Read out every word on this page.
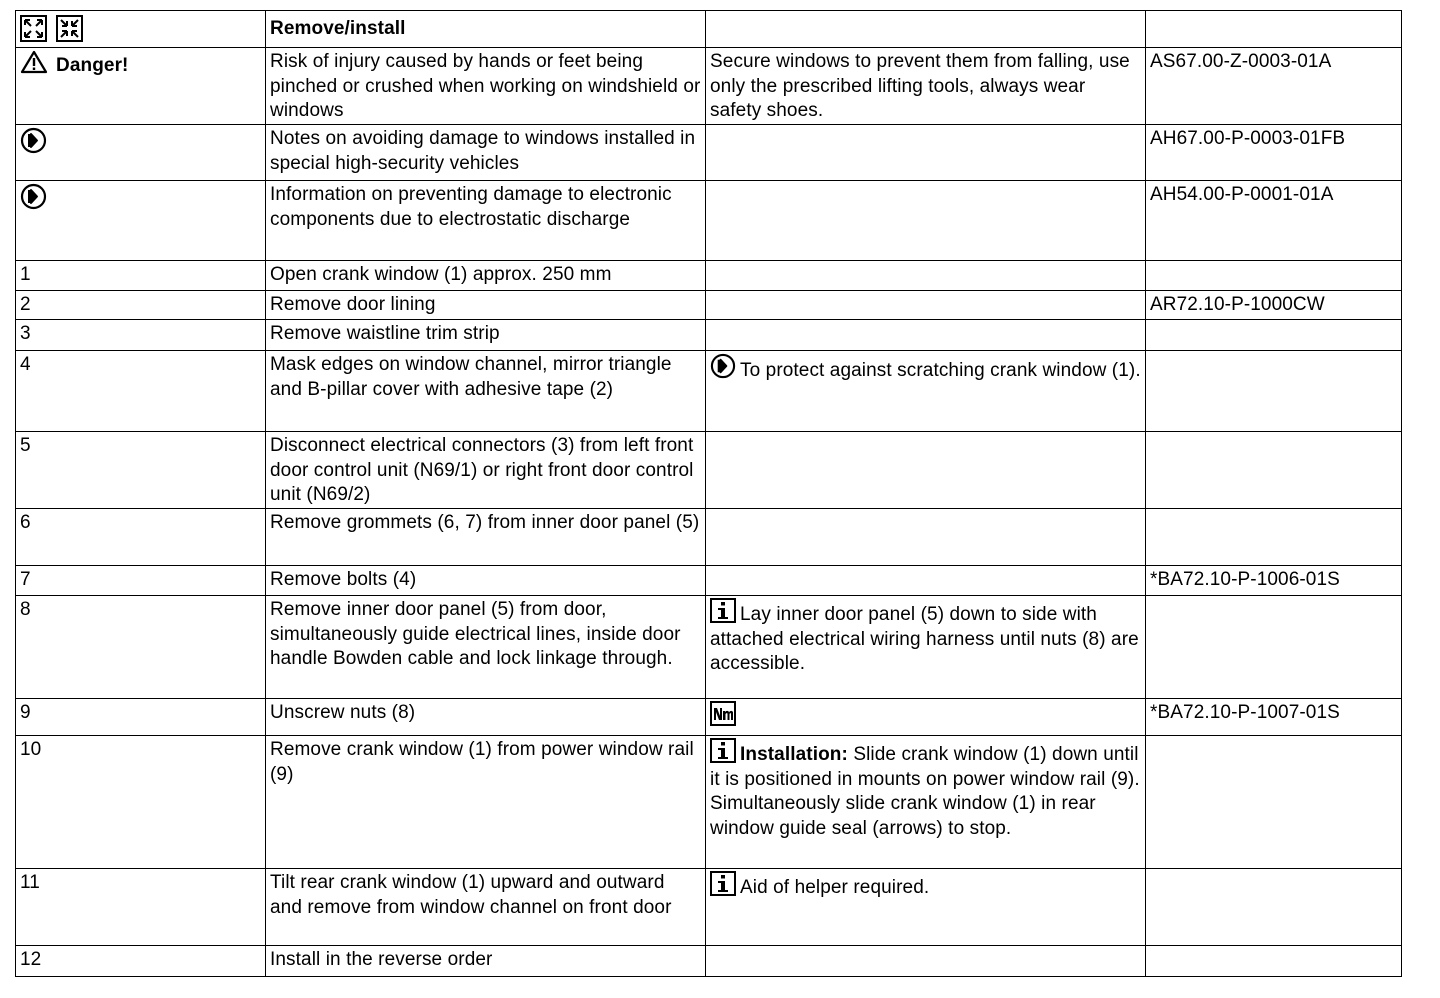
	Remove/install		

Danger!	Risk of injury caused by hands or feet being pinched or crushed when working on windshield or windows	Secure windows to prevent them from falling, use only the prescribed lifting tools, always wear safety shoes.	AS67.00-Z-0003-01A

	Notes on avoiding damage to windows installed in special high-security vehicles		AH67.00-P-0003-01FB

	Information on preventing damage to electronic components due to electrostatic discharge		AH54.00-P-0001-01A
1	Open crank window (1) approx. 250 mm		
2	Remove door lining		AR72.10-P-1000CW
3	Remove waistline trim strip		
4	Mask edges on window channel, mirror triangle and B-pillar cover with adhesive tape (2)	To protect against scratching crank window (1).	
5	Disconnect electrical connectors (3) from left front door control unit (N69/1) or right front door control unit (N69/2)		
6	Remove grommets (6, 7) from inner door panel (5)		
7	Remove bolts (4)		*BA72.10-P-1006-01S
8	Remove inner door panel (5) from door, simultaneously guide electrical lines, inside door handle Bowden cable and lock linkage through.	Lay inner door panel (5) down to side with attached electrical wiring harness until nuts (8) are accessible.	
9	Unscrew nuts (8)		*BA72.10-P-1007-01S
10	Remove crank window (1) from power window rail (9)	Installation: Slide crank window (1) down until it is positioned in mounts on power window rail (9). Simultaneously slide crank window (1) in rear window guide seal (arrows) to stop.	
11	Tilt rear crank window (1) upward and outward and remove from window channel on front door	Aid of helper required.	
12	Install in the reverse order		
